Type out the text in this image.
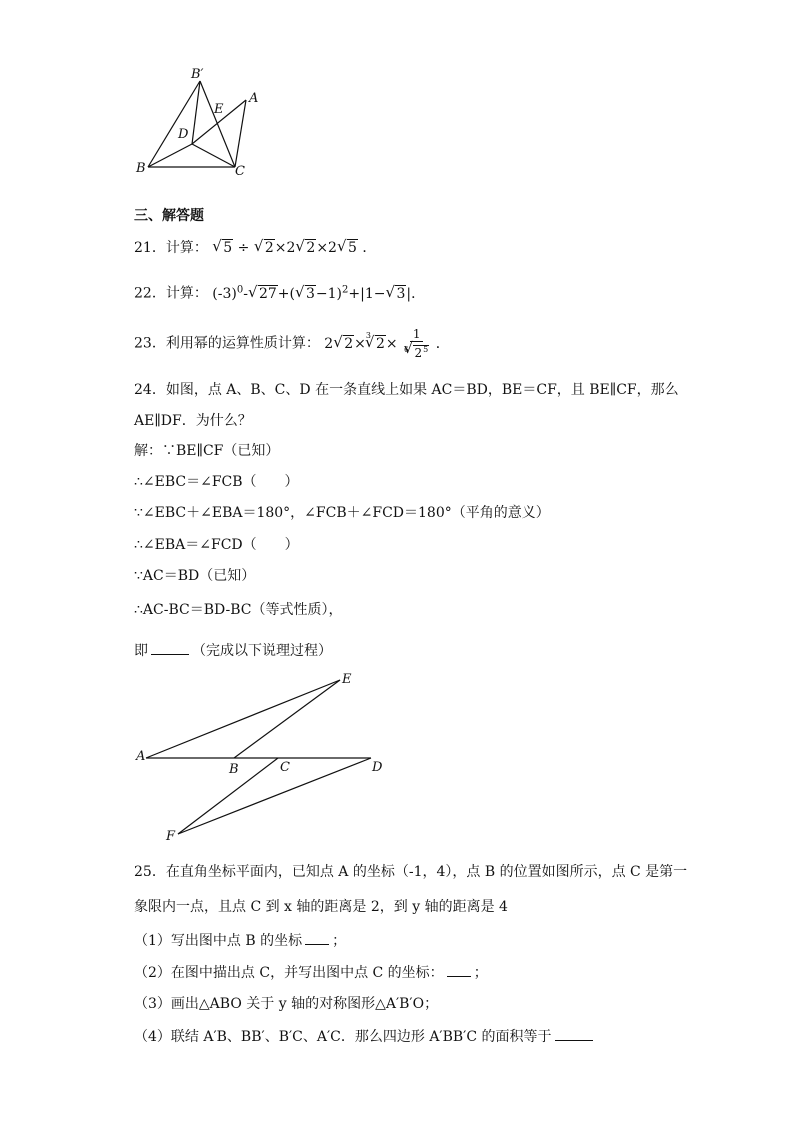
B′
A
E
D
B	C
三、解答题
21．计算： √ 5 ÷ √ 2×2√ 2×2√ 5 ．
22．计算： $(-3)^0-√$ 27+(√ 3−1)$^2$+|1−√ 3|．
23．利用幂的运算性质计算： 2√ 2×$^3$√ $2\times \frac{1}{^6√ 2^5}$ ．
24．如图，点 A、B、C、D 在一条直线上如果 AC＝BD，BE＝CF，且 BE∥CF，那么
AE∥DF．为什么？
解：∵BE∥CF（已知）
∴∠EBC＝∠FCB（　　）
∵∠EBC＋∠EBA＝180°，∠FCB＋∠FCD＝180°（平角的意义）
∴∠EBA＝∠FCD（　　）
∵AC＝BD（已知）
∴AC-BC＝BD-BC（等式性质），
即	（完成以下说理过程）
A
B	C	D
E
F
25．在直角坐标平面内，已知点 A 的坐标（-1，4），点 B 的位置如图所示，点 C 是第一
象限内一点，且点 C 到 x 轴的距离是 2，到 y 轴的距离是 4
（1）写出图中点 B 的坐标 ；
（2）在图中描出点 C，并写出图中点 C 的坐标： ；
（3）画出△ABO 关于 y 轴的对称图形△A′B′O；
（4）联结 A′B、BB′、B′C、A′C．那么四边形 A′BB′C 的面积等于
